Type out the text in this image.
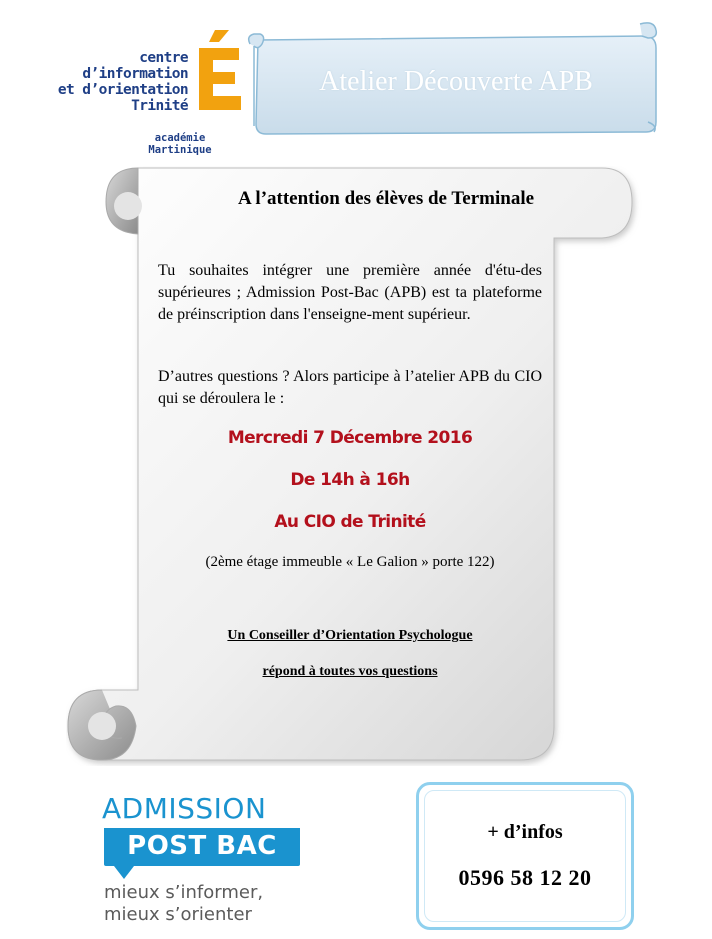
centre d’information
et d’orientation
Trinité
académie
Martinique
Atelier Découverte APB
A l’attention des élèves de Terminale

Tu souhaites intégrer une première année d'étu-des supérieures ; Admission Post-Bac (APB) est ta plateforme de préinscription dans l'enseigne-ment supérieur.

D’autres questions ? Alors participe à l’atelier APB du CIO qui se déroulera le :

Mercredi 7 Décembre 2016
De 14h à 16h
Au CIO de Trinité
(2ème étage immeuble « Le Galion » porte 122)
Un Conseiller d’Orientation Psychologue
répond à toutes vos questions
ADMISSION
POST BAC
mieux s’informer,
mieux s’orienter
+ d’infos
0596 58 12 20
